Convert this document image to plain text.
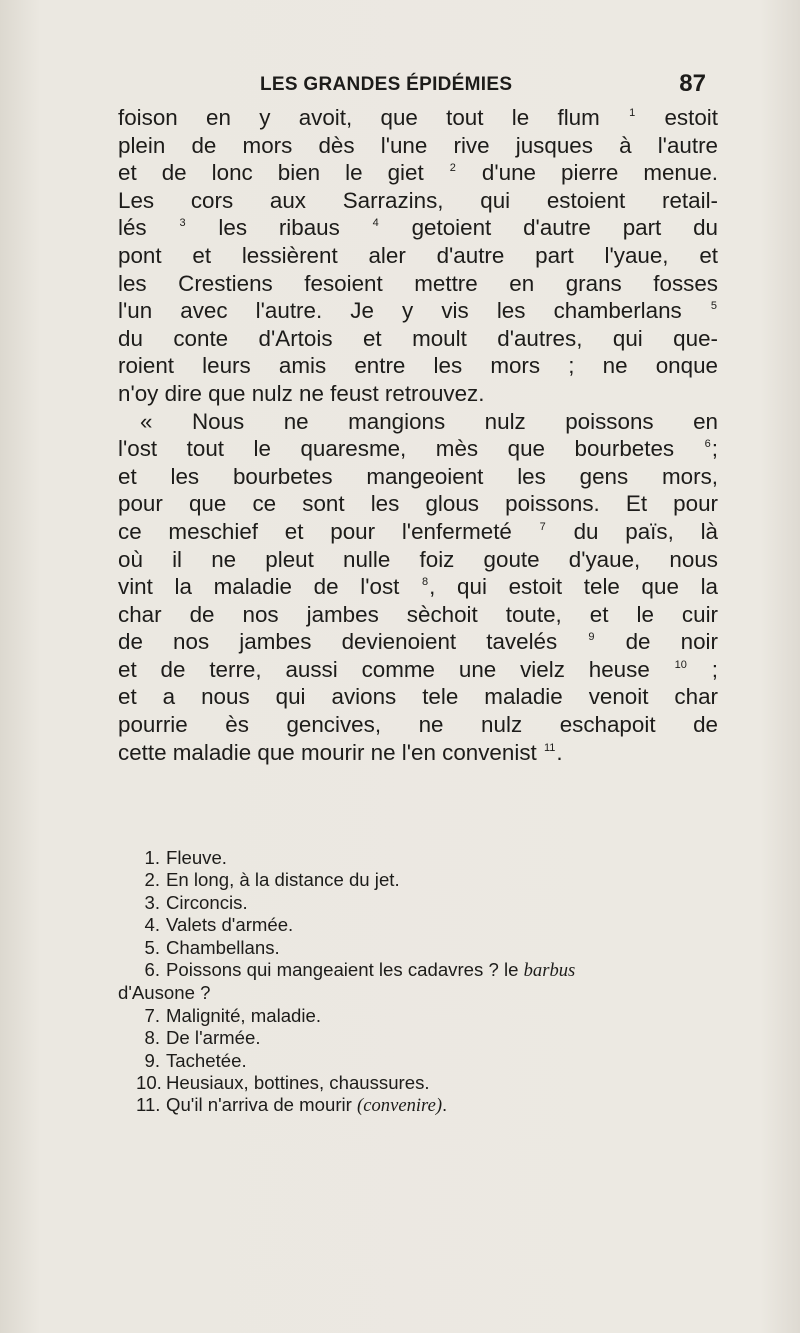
LES GRANDES ÉPIDÉMIES	87
foison en y avoit, que tout le flum $^1$ estoit
plein de mors dès l'une rive jusques à l'autre
et de lonc bien le giet $^2$ d'une pierre menue.
Les cors aux Sarrazins, qui estoient retail-
lés $^3$ les ribaus $^4$ getoient d'autre part du
pont et lessièrent aler d'autre part l'yaue, et
les Crestiens fesoient mettre en grans fosses
l'un avec l'autre. Je y vis les chamberlans $^5$
du conte d'Artois et moult d'autres, qui que-
roient leurs amis entre les mors ; ne onque
n'oy dire que nulz ne feust retrouvez.
« Nous ne mangions nulz poissons en
l'ost tout le quaresme, mès que bourbetes $^6$;
et les bourbetes mangeoient les gens mors,
pour que ce sont les glous poissons. Et pour
ce meschief et pour l'enfermeté $^7$ du païs, là
où il ne pleut nulle foiz goute d'yaue, nous
vint la maladie de l'ost $^8$, qui estoit tele que la
char de nos jambes sèchoit toute, et le cuir
de nos jambes devienoient tavelés $^9$ de noir
et de terre, aussi comme une vielz heuse $^{10}$ ;
et a nous qui avions tele maladie venoit char
pourrie ès gencives, ne nulz eschapoit de
cette maladie que mourir ne l'en convenist $^{11}$.
1. Fleuve.
2. En long, à la distance du jet.
3. Circoncis.
4. Valets d'armée.
5. Chambellans.
6. Poissons qui mangeaient les cadavres ? le barbus
d'Ausone ?
7. Malignité, maladie.
8. De l'armée.
9. Tachetée.
10. Heusiaux, bottines, chaussures.
11. Qu'il n'arriva de mourir (convenire).
